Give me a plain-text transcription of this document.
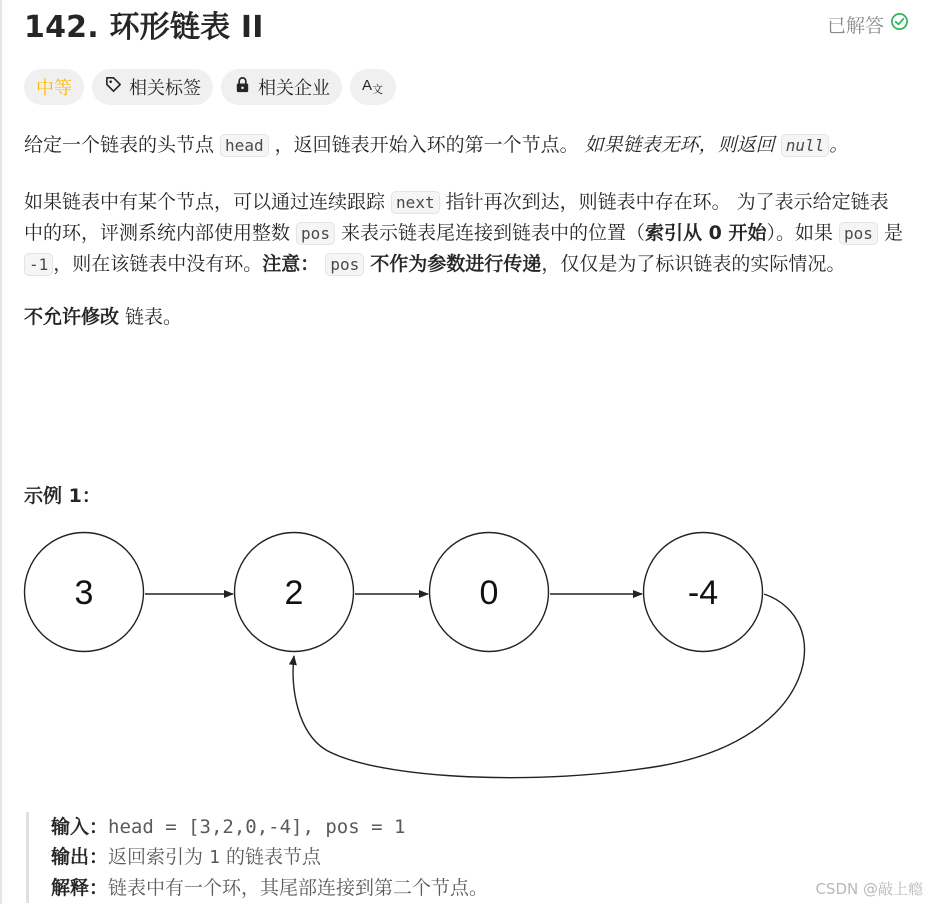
142. 环形链表 II	已解答
中等	相关标签	相关企业 A 文

给定一个链表的头节点 head ，返回链表开始入环的第一个节点。 如果链表无环，则返回 null 。

如果链表中有某个节点，可以通过连续跟踪 next 指针再次到达，则链表中存在环。 为了表示给定链表中的环，评测系统内部使用整数 pos 来表示链表尾连接到链表中的位置（索引从 0 开始）。如果 pos 是 -1 ，则在该链表中没有环。注意： pos 不作为参数进行传递，仅仅是为了标识链表的实际情况。

不允许修改 链表。

示例 1：
3	2	0	-4
输入：head = [3,2,0,-4], pos = 1
输出：返回索引为 1 的链表节点
解释：链表中有一个环，其尾部连接到第二个节点。	CSDN @敲上瘾
